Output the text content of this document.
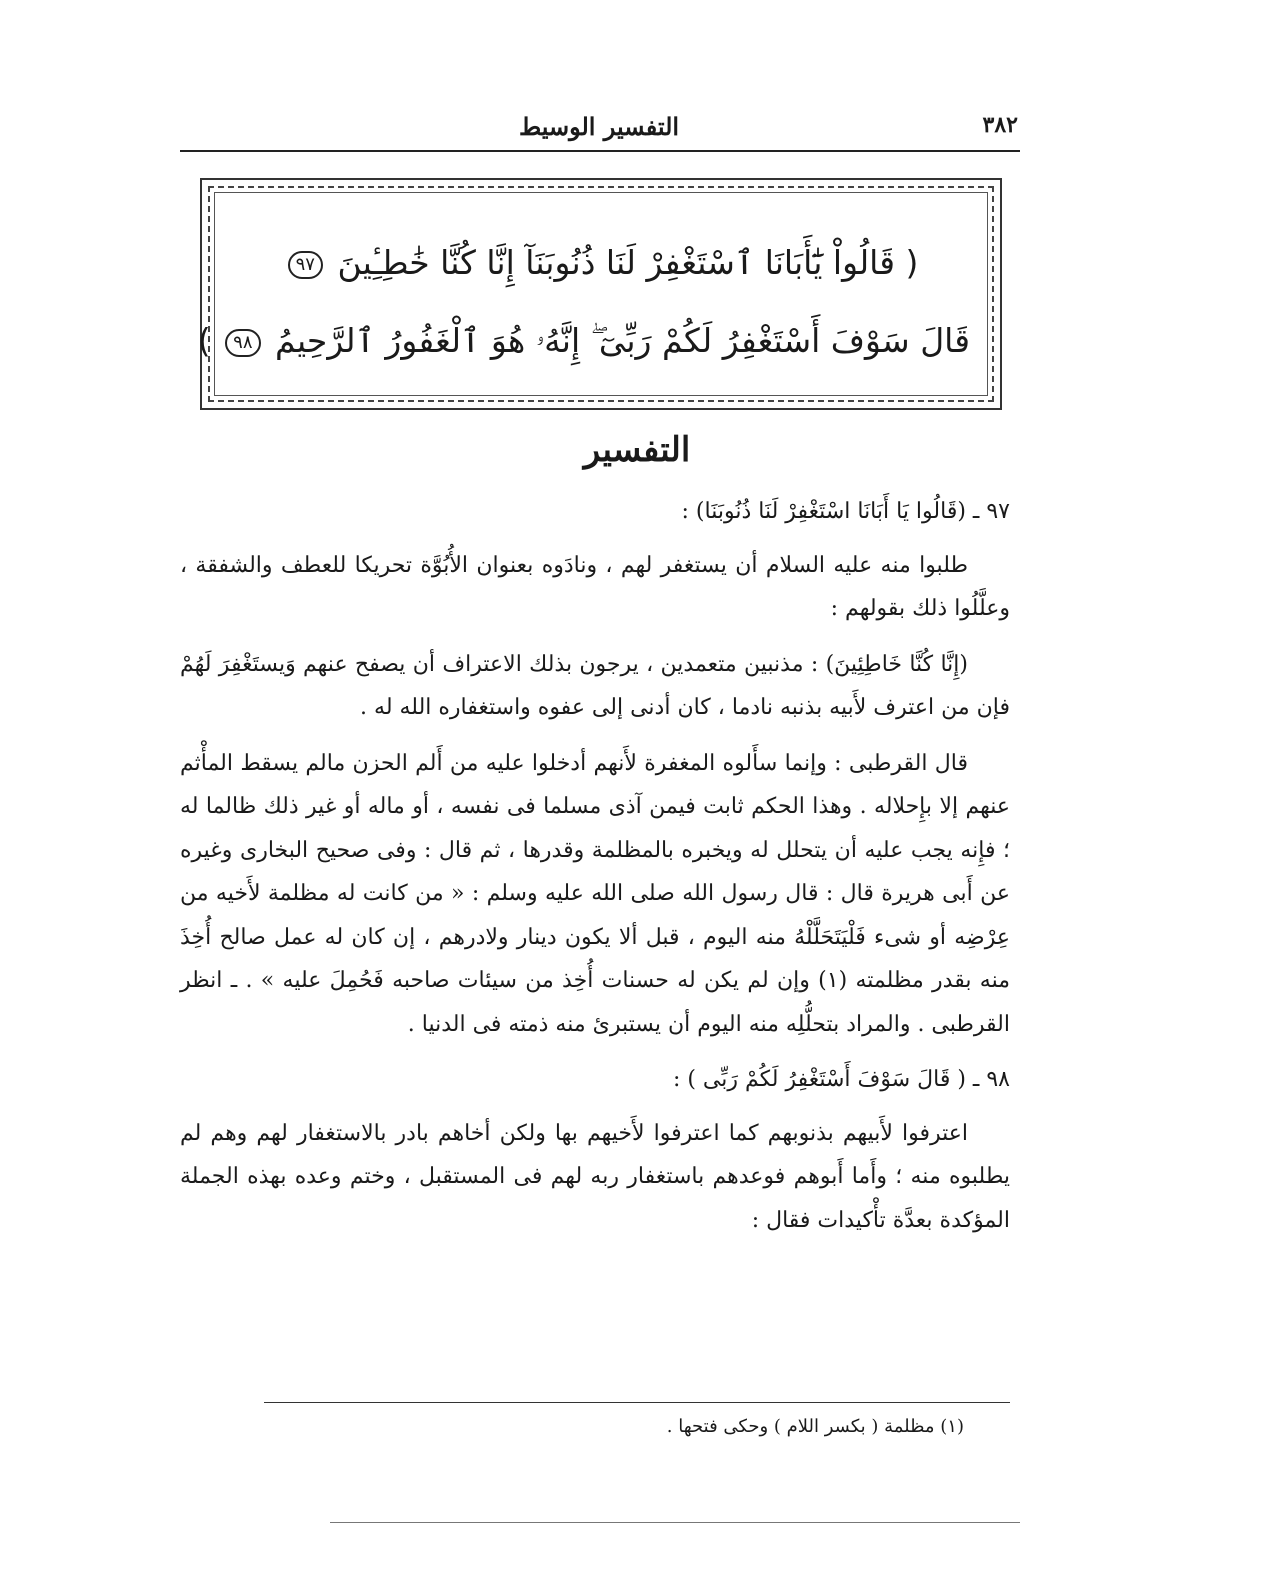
٣٨٢
التفسير الوسيط
( قَالُواْ يَٰٓأَبَانَا ٱسْتَغْفِرْ لَنَا ذُنُوبَنَآ إِنَّا كُنَّا خَٰطِـِٔينَ ٩٧
قَالَ سَوْفَ أَسْتَغْفِرُ لَكُمْ رَبِّىٓ ۖ إِنَّهُۥ هُوَ ٱلْغَفُورُ ٱلرَّحِيمُ ٩٨ )
التفسير

٩٧ ـ (قَالُوا يَا أَبَانَا اسْتَغْفِرْ لَنَا ذُنُوبَنَا) :

طلبوا منه عليه السلام أن يستغفر لهم ، ونادَوه بعنوان الأُبُوَّة تحريكا للعطف والشفقة ، وعلَّلُوا ذلك بقولهم :

(إِنَّا كُنَّا خَاطِئِينَ) : مذنبين متعمدين ، يرجون بذلك الاعتراف أن يصفح عنهم وَيستَغْفِرَ لَهُمْ فإن من اعترف لأَبيه بذنبه نادما ، كان أدنى إلى عفوه واستغفاره الله له .

قال القرطبى : وإنما سأَلوه المغفرة لأَنهم أدخلوا عليه من أَلم الحزن مالم يسقط المأْثم عنهم إلا بإِحلاله . وهذا الحكم ثابت فيمن آذى مسلما فى نفسه ، أو ماله أو غير ذلك ظالما له ؛ فإِنه يجب عليه أن يتحلل له ويخبره بالمظلمة وقدرها ، ثم قال : وفى صحيح البخارى وغيره عن أَبى هريرة قال : قال رسول الله صلى الله عليه وسلم : « من كانت له مظلمة لأَخيه من عِرْضِه أو شىء فَلْيَتَحَلَّلْهُ منه اليوم ، قبل ألا يكون دينار ولادرهم ، إن كان له عمل صالح أُخِذَ منه بقدر مظلمته (١) وإن لم يكن له حسنات أُخِذ من سيئات صاحبه فَحُمِلَ عليه » . ـ انظر القرطبى . والمراد بتحلُّلِه منه اليوم أن يستبرئ منه ذمته فى الدنيا .

٩٨ ـ ( قَالَ سَوْفَ أَسْتَغْفِرُ لَكُمْ رَبِّى ) :

اعترفوا لأَبيهم بذنوبهم كما اعترفوا لأَخيهم بها ولكن أخاهم بادر بالاستغفار لهم وهم لم يطلبوه منه ؛ وأَما أَبوهم فوعدهم باستغفار ربه لهم فى المستقبل ، وختم وعده بهذه الجملة المؤكدة بعدَّة تأْكيدات فقال :

(١) مظلمة ( بكسر اللام ) وحكى فتحها .
